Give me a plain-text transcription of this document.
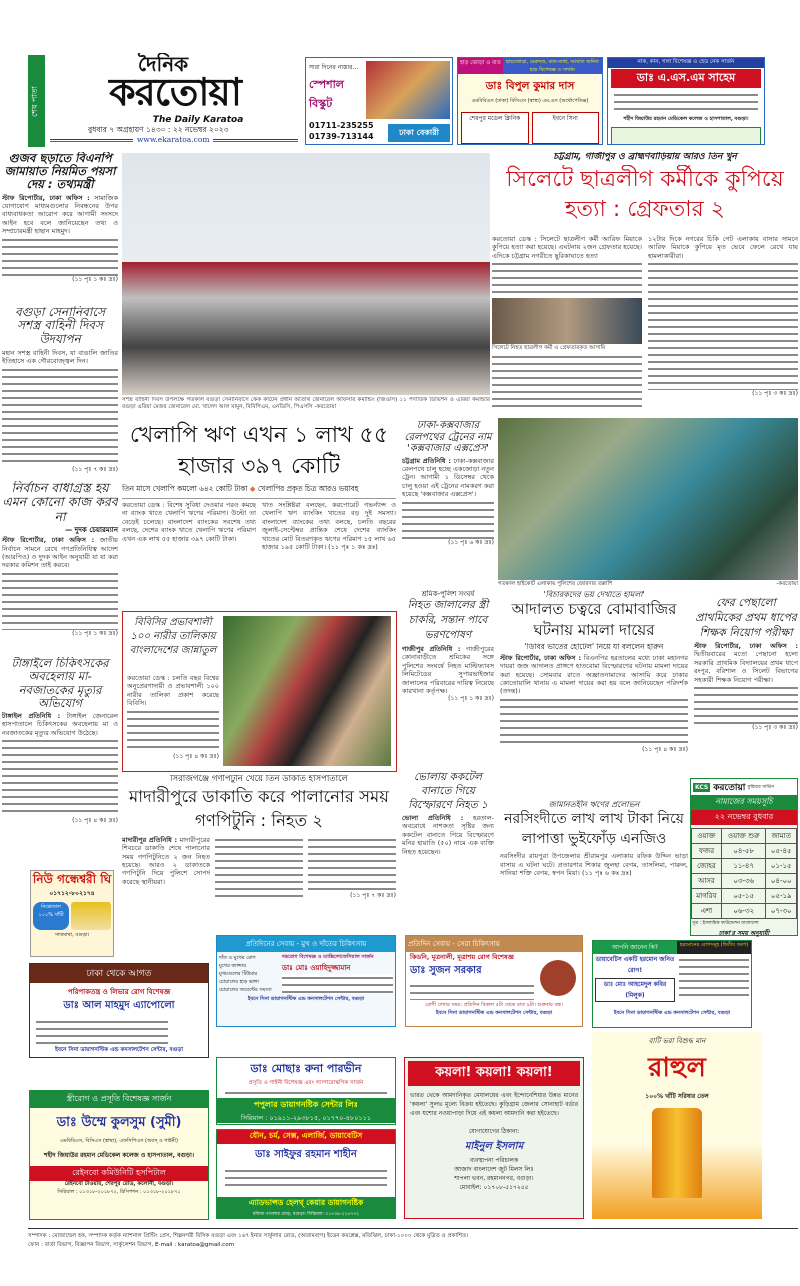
শেষ পাতা
দৈনিক
করতোয়া
The Daily Karatoa
বুধবার ৭ অগ্রহায়ণ ১৪৩০ : ২২ নভেম্বর ২০২৩
www.ekaratoa.com
সারা দিনের নাস্তার...
স্পেশাল বিস্কুট
01711-235255
01739-713144	ঢাকা বেকারী
হাড় জোড়া ও বাত	হাড়জোড়া, মেরুদণ্ড, বাত-ব্যথা, আঘাত জনিত হাড় বিশেষজ্ঞ ও সার্জন
ডাঃ বিপুল কুমার দাস
এমবিবিএস (ঢাকা) বিসিএস (স্বাস্থ্য) এম.এস (অর্থোপেডিক্স)
শেরপুর মডেল ক্লিনিক	ইবনে সিনা
নাক, কান, গলা বিশেষজ্ঞ ও হেড নেক সার্জন
ডাঃ এ.এস.এম সাহেম
শহীদ জিয়াউর রহমান মেডিকেল কলেজ ও হাসপাতাল, বগুড়া।
সশস্ত্র বাহিনী দিবস উপলক্ষে গতকাল বগুড়া সেনানিবাসে কেক কাটেন প্রধান অতিথি জেনারেল অফিসার কমান্ডিং (জিওসি) ১১ পদাতিক ডিভিশন ও এরিয়া কমান্ডার বগুড়া এরিয়া মেজর জেনারেল মো. খালেদ আল মামুন, বিবিপিএম, এনডিসি, পিএসসি -করতোয়া
গুজব ছড়াতে বিএনপি জামায়াত নিয়মিত পয়সা দেয় : তথ্যমন্ত্রী
স্টাফ রিপোর্টার, ঢাকা অফিস : সামাজিক যোগাযোগ মাধ্যমগুলোর নিবন্ধনের উপর বাধ্যবাধকতা আরোপ করে আগামী সংসদে আইন হবে বলে জানিয়েছেন তথ্য ও সম্প্রচারমন্ত্রী হাছান মাহমুদ।
(১১ পৃঃ ১ কঃ দ্রঃ)
বগুড়া সেনানিবাসে সশস্ত্র বাহিনী দিবস উদযাপন
মহান সশস্ত্র বাহিনী দিবস, যা বাঙালি জাতির ইতিহাসে এক গৌরবোজ্জ্বল দিন।
(১১ পৃঃ ৭ কঃ দ্রঃ)
নির্বাচন বাধাগ্রস্ত হয় এমন কোনো কাজ করব না
— দুদক চেয়ারম্যান
স্টাফ রিপোর্টার, ঢাকা অফিস : জাতীয় নির্বাচন সামনে রেখে গণপ্রতিনিধিত্ব আদেশ (আরপিও) ও দুদক আইন অনুযায়ী যা যা করা দরকার কমিশন তাই করবে।
(১১ পৃঃ ১ কঃ দ্রঃ)
টাঙ্গাইলে চিকিৎসকের অবহেলায় মা-নবজাতকের মৃত্যুর অভিযোগ
টাঙ্গাইল প্রতিনিধি : টাঙ্গাইল জেনারেল হাসপাতালে চিকিৎসকের অবহেলায় মা ও নবজাতকের মৃত্যুর অভিযোগ উঠেছে।
(১১ পৃঃ ৪ কঃ দ্রঃ)
চট্টগ্রাম, গাজীপুর ও ব্রাহ্মণবাড়িয়ায় আরও তিন খুন
সিলেটে ছাত্রলীগ কর্মীকে কুপিয়ে হত্যা : গ্রেফতার ২
করতোয়া ডেস্ক : সিলেটে ছাত্রলীগ কর্মী আরিফ মিয়াকে কুপিয়ে হত্যা করা হয়েছে। এঘটনায় ২জন গ্রেফতার হয়েছে। এদিকে চট্টগ্রাম নগরীতে ছুরিকাঘাতে হত্যা
সিলেটে নিহত ছাত্রলীগ কর্মী ও গ্রেফতারকৃত আসামি
১২টার দিকে নগরের চিকি গেট এলাকায় বাসার সামনে আরিফ মিয়াকে কুপিয়ে মৃত ভেবে ফেলে রেখে যায় হামলাকারীরা।
(১১ পৃঃ ৩ কঃ দ্রঃ)
খেলাপি ঋণ এখন ১ লাখ ৫৫ হাজার ৩৯৭ কোটি
তিন মাসে খেলাপি কমলো ৬৪২ কোটি টাকা ◆ খেলাপির প্রকৃত চিত্র আরও ভয়াবহ
করতোয়া ডেস্ক : বিশেষ সুবিধা দেওয়ার পরও কমছে না ব্যাংক খাতে খেলাপি ঋণের পরিমাণ। উল্টো তা বেড়েই চলেছে। বাংলাদেশ ব্যাংকের সবশেষ তথ্য বলছে, দেশের ব্যাংক খাতে খেলাপি ঋণের পরিমাণ এখন এক লাখ ৫৫ হাজার ৩৯৭ কোটি টাকা।
খাত সংশ্লিষ্টরা বলছেন, করপোরেট গভর্ন্যান্স ও খেলাপি ঋণ ব্যাংকিং খাতের বড় দুই সমস্যা। বাংলাদেশ ব্যাংকের তথ্য বলছে, চলতি বছরের জুলাই-সেপ্টেম্বর প্রান্তিক শেষে দেশের ব্যাংকিং খাতের মোট বিতরণকৃত ঋণের পরিমাণ ১৫ লাখ ৬৫ হাজার ১৯৫ কোটি টাকা। (১১ পৃঃ ১ কঃ দ্রঃ)
ঢাকা-কক্সবাজার রেলপথের ট্রেনের নাম 'কক্সবাজার এক্সপ্রেস'
চট্টগ্রাম প্রতিনিধি : ঢাকা-কক্সবাজার রেলপথে চালু হচ্ছে একজোড়া নতুন ট্রেন। আগামী ১ ডিসেম্বর থেকে চালু হওয়া এই ট্রেনের নামকরণ করা হয়েছে 'কক্সবাজার এক্সপ্রেস'।
(১১ পৃঃ ৬ কঃ দ্রঃ)
গতকাল হাইকোর্ট এলাকায় পুলিশের জোরদার তল্লাশি	-করতোয়া
বিবিসির প্রভাবশালী ১০০ নারীর তালিকায় বাংলাদেশের জান্নাতুল
করতোয়া ডেস্ক : চলতি বছর বিশ্বের অনুপ্রেরণাদায়ী ও প্রভাবশালী ১০০ নারীর তালিকা প্রকাশ করেছে বিবিসি।
(১১ পৃঃ ৪ কঃ দ্রঃ)
শ্রমিক-পুলিশ সংঘর্ষ
নিহত জালালের স্ত্রী চাকরি, সন্তান পাবে ভরণপোষণ
গাজীপুর প্রতিনিধি : গাজীপুরের কোনাবাড়ীতে শ্রমিকের সঙ্গে পুলিশের সংঘর্ষে নিহত মাল্টিফ্যাবস লিমিটেডের সুপারভাইজার জালালের পরিবারের দায়িত্ব নিয়েছে কারখানা কর্তৃপক্ষ।
(১১ পৃঃ ১ কঃ দ্রঃ)
ভোলায় ককটেল বানাতে গিয়ে বিস্ফোরণে নিহত ১
ভোলা প্রতিনিধি : হরতাল-অবরোধে নাশকতা সৃষ্টির জন্য ককটেল বানাতে গিয়ে বিস্ফোরণে মনির হায়াতি (৫০) নামে এক ব্যক্তি নিহত হয়েছেন।
'বিচারকদের ভয় দেখাতে হামলা'
আদালত চত্বরে বোমাবাজির ঘটনায় মামলা দায়ের
'ডিবির ভাতের হোটেল' নিয়ে যা বললেন হারুন
স্টাফ রিপোর্টার, ঢাকা অফিস : বিএনপির হরতালের মধ্যে ঢাকা মহানগর দায়রা জজ আদালত প্রাঙ্গণে হাতবোমা বিস্ফোরণের ঘটনায় মামলা দায়ের করা হয়েছে। সোমবার রাতে অজ্ঞাতনামাদের আসামি করে ঢাকার কোতোয়ালি থানায় এ মামলা দায়ের করা হয় বলে জানিয়েছেন পরিদর্শক (তদন্ত)।
(১১ পৃঃ ৪ কঃ দ্রঃ)
ফের পেছালো প্রাথমিকের প্রথম ধাপের শিক্ষক নিয়োগ পরীক্ষা
স্টাফ রিপোর্টার, ঢাকা অফিস : দ্বিতীয়বারের মতো পেছানো হলো সরকারি প্রাথমিক বিদ্যালয়ের প্রথম ধাপে রংপুর, বরিশাল ও সিলেট বিভাগের সহকারী শিক্ষক নিয়োগ পরীক্ষা।
(১১ পৃঃ ৩ কঃ দ্রঃ)
KCS করতোয়া কুরিয়ার সার্ভিস
নামাজের সময়সূচি
২২ নভেম্বর বুধবার
ওয়াক্ত	ওয়াক্ত শুরু	জামাত
ফজর	০৪-৫৮	০৫-৪৫
জোহর	১১-৪৭	০১-১৫
আসর	০৩-৩৬	০৪-০০
মাগরিব	০৫-১৫	০৫-১৯
এশা	০৬-৩২	০৭-৩০
সূত্র : ইসলামিক ফাউন্ডেশন বাংলাদেশ
ঢাকা'র সময় অনুযায়ী
সিরাজগঞ্জে গণপিটুনি খেয়ে তিন ডাকাত হাসপাতালে
মাদারীপুরে ডাকাতি করে পালানোর সময় গণপিটুনি : নিহত ২
মাদারীপুর প্রতিনিধি : মাদারীপুরের শিবচরে ডাকাতি শেষে পালানোর সময় গণপিটুনিতে ২ জন নিহত হয়েছে। আরও ২ ডাকাতকে গণপিটুনি দিয়ে পুলিশে সোপর্দ করেছে স্থানীয়রা।
(১১ পৃঃ ৭ কঃ দ্রঃ)
জামানতহীন ঋণের প্রলোভন
নরসিংদীতে লাখ লাখ টাকা নিয়ে লাপাত্তা ভুইফোঁড় এনজিও
নরসিংদীর রায়পুরা উপজেলার শ্রীরামপুর এলাকায় রফিক উদ্দিন ভাড়া বাসায় এ ঘটনা ঘটে। প্রতারণার শিকার জুলহা বেগম, তাসলিমা, পারুল, সানিয়া শক্তি বেগম, স্বপন মিয়া। (১১ পৃঃ ৬ কঃ দ্রঃ)
নিউ গন্ধেশ্বরী ঘি
০১৭১২-৮০২১৭৪
নির্ভেজাল ১০০% খাঁটি
সাতমাথা, বগুড়া।
ঢাকা থেকে আগত
পরিপাকতন্ত্র ও লিভার রোগ বিশেষজ্ঞ
ডাঃ আল মাহমুদ এ্যাপোলো
ইবনে সিনা ডায়াগনস্টিক এন্ড কনসালটেশন সেন্টার, বগুড়া
প্রতিদিনের সেবায় - মুখ ও দাঁতের চিকিৎসায়
দাঁত ও মুখের রোগ
মুখের ক্যান্সার
মুখমণ্ডলের টিউমার
চোয়ালের হাড় ভাঙ্গা
চোয়ালের জয়েন্টের সমস্যা
দন্তরোগ বিশেষজ্ঞ ও ম্যাক্সিলোফেসিয়াল সার্জন
ডাঃ মোঃ ওয়াহিদুজ্জামান
ইবনে সিনা ডায়াগনস্টিক এন্ড কনসালটেশন সেন্টার, বগুড়া
প্রতিদিন সেবায় - সেরা চিকিৎসায়
কিডনি, মূত্রনালী, মূত্রাশয় রোগ বিশেষজ্ঞ
ডাঃ সুজন সরকার
রোগী দেখার সময়: প্রতিদিন বিকাল ৫টা থেকে রাত ৯টা। শুক্রবার বন্ধ।
ইবনে সিনা ডায়াগনস্টিক এন্ড কনসালটেশন সেন্টার, বগুড়া
আপনি জানেন কি?	হরমোনের রোগসমূহ (দ্বিতীয় অংশ)
ডায়াবেটিস একটি হরমোন জনিত রোগ!
ডাঃ মোঃ আহমেদুল কবির (মিলুক)
ইবনে সিনা ডায়াগনস্টিক এন্ড কনসালটেশন সেন্টার, বগুড়া
স্ত্রীরোগ ও প্রসূতি বিশেষজ্ঞ সার্জন
ডাঃ উম্মে কুলসুম (সুমী)
এমবিবিএস, বিসিএস (স্বাস্থ্য), এফসিপিএস (অবস্ ও গাইনী)
শহীদ জিয়াউর রহমান মেডিকেল কলেজ ও হাসপাতাল, বগুড়া।
রেইনবো কমিউনিটি হসপিটাল
রেইনবো টাওয়ার, শেরপুর রোড, কলোনী, বগুড়া।
সিরিয়াল : ০১৩১৮-২০১৮৭২, রিসিপশন : ০১৩১৮-২০১৮৭১
ডাঃ মোছাঃ রুনা পারভীন
প্রসূতি ও গাইনী বিশেষজ্ঞ এবং ল্যাপারোস্কপিক সার্জন
পপুলার ডায়াগনষ্টিক সেন্টার লিঃ
সিরিয়াল : ০১৯১১-২৯৩৮১৫, ০১৭৭০-৪৮০১১১
যৌন, চর্ম, সেক্স, এলার্জি, ডায়াবেটিস
ডাঃ সাইফুর রহমান শাহীন
এ্যাডভান্সড হেলথ্ কেয়ার ডায়াগনষ্টিক
মফিজ পাগলার মোড়, বগুড়া। সিরিয়াল: ০১৭৩৯-২২৫৭৭২
কয়লা! কয়লা! কয়লা!
ভারত থেকে আমদানিকৃত মেঘালয়ের এবং ইন্দোনেশিয়ার উন্নত মানের 'কয়লা' সুলভ মূল্যে বিক্রয় হইতেছে। কুড়িগ্রাম জেলার সোনাহাট বর্ডার এবং যশোর নওয়াপাড়া দিয়ে এই কয়লা আমদানি করা হইতেছে।
যোগাযোগের ঠিকানা:
মাইনুল ইসলাম
ব্যবস্থাপনা পরিচালক
আজাদ বাংলাদেশ জুট মিলস লিঃ
শাপলা ভবন, রহমাননগর, বগুড়া।
মোবাইল: ০১৭০৮-৫১৭২৫৫
বাটি ভরা বিশুদ্ধ মান
রাহুল
১০০% খাঁটি সরিষার তেল
সম্পাদক : মোজাম্মেল হক, সম্পাদক কর্তৃক ন্যাশনাল প্রিন্টিং প্রেস, শিল্পনগরী বিসিক বগুড়া এবং ১৬৭ ইনার সার্কুলার রোড, (আরামবাগ) ইডেন কমপ্লেক্স, মতিঝিল, ঢাকা-১০০০ থেকে মুদ্রিত ও প্রকাশিত।
ফোন : বার্তা বিভাগ, বিজ্ঞাপন বিভাগ, সার্কুলেশন বিভাগ, E-mail : karatoa@gmail.com
